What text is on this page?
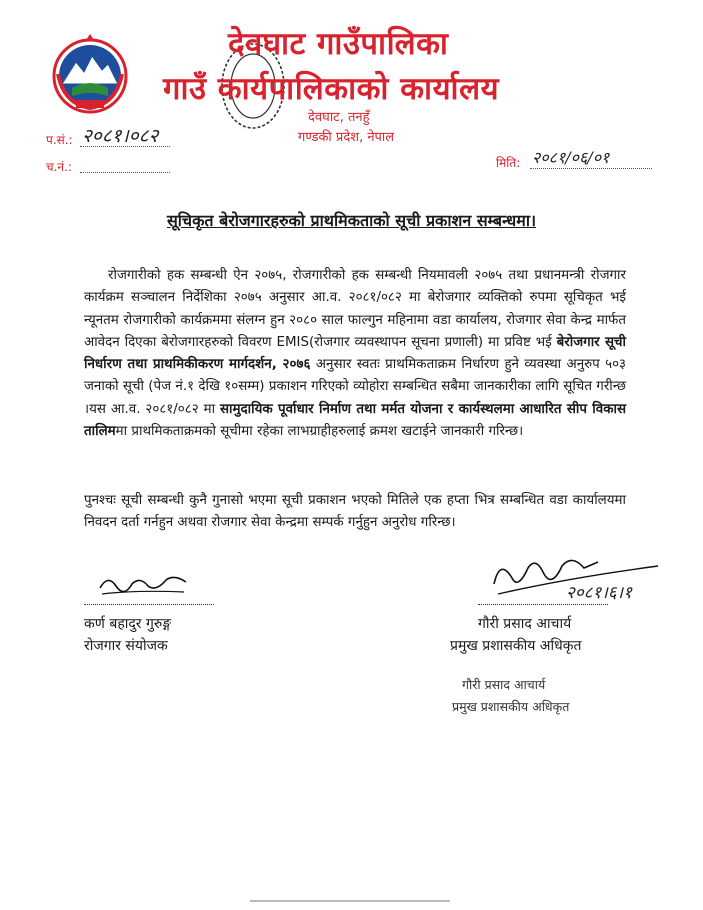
देवघाट गाउँपालिका
गाउँ कार्यपालिकाको कार्यालय
देवघाट, तनहुँ
गण्डकी प्रदेश, नेपाल
प.सं.: २०८१।०८२
च.नं.:	मिति: २०८१/०६/०१
सूचिकृत बेरोजगारहरुको प्राथमिकताको सूची प्रकाशन सम्बन्धमा।

रोजगारीको हक सम्बन्धी ऐन २०७५, रोजगारीको हक सम्बन्धी नियमावली २०७५ तथा प्रधानमन्त्री रोजगार कार्यक्रम सञ्चालन निर्देशिका २०७५ अनुसार आ.व. २०८१/०८२ मा बेरोजगार व्यक्तिको रुपमा सूचिकृत भई न्यूनतम रोजगारीको कार्यक्रममा संलग्न हुन २०८० साल फाल्गुन महिनामा वडा कार्यालय, रोजगार सेवा केन्द्र मार्फत आवेदन दिएका बेरोजगारहरुको विवरण EMIS(रोजगार व्यवस्थापन सूचना प्रणाली) मा प्रविष्ट भई बेरोजगार सूची निर्धारण तथा प्राथमिकीकरण मार्गदर्शन, २०७६ अनुसार स्वतः प्राथमिकताक्रम निर्धारण हुने व्यवस्था अनुरुप ५०३ जनाको सूची (पेज नं.१ देखि १०सम्म) प्रकाशन गरिएको व्योहोरा सम्बन्धित सबैमा जानकारीका लागि सूचित गरीन्छ ।यस आ.व. २०८१/०८२ मा सामुदायिक पूर्वाधार निर्माण तथा मर्मत योजना र कार्यस्थलमा आधारित सीप विकास तालिममा प्राथमिकताक्रमको सूचीमा रहेका लाभग्राहीहरुलाई क्रमश खटाईने जानकारी गरिन्छ।

पुनश्चः सूची सम्बन्धी कुनै गुनासो भएमा सूची प्रकाशन भएको मितिले एक हप्ता भित्र सम्बन्धित वडा कार्यालयमा निवदन दर्ता गर्नहुन अथवा रोजगार सेवा केन्द्रमा सम्पर्क गर्नुहुन अनुरोध गरिन्छ।
कर्ण बहादुर गुरुङ्ग
रोजगार संयोजक
२०८१।६।१
गौरी प्रसाद आचार्य
प्रमुख प्रशासकीय अधिकृत
गौरी प्रसाद आचार्य
प्रमुख प्रशासकीय अधिकृत
